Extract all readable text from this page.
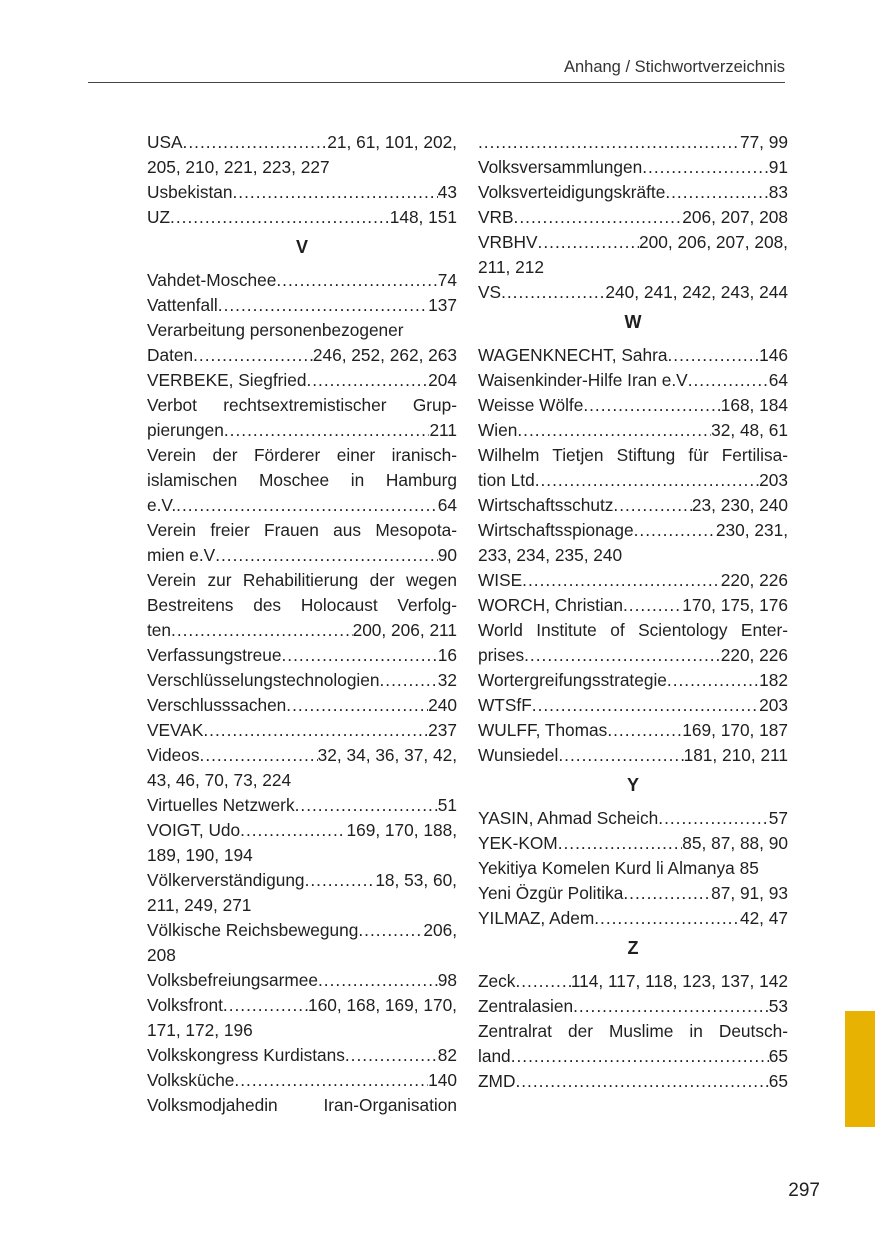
Anhang / Stichwortverzeichnis
USA .....	21, 61, 101, 202,
205, 210, 221, 223, 227
Usbekistan .....	43
UZ .....	148, 151
V
Vahdet-Moschee .....	74
Vattenfall .....	137
Verarbeitung personenbezogener
Daten .....	246, 252, 262, 263
VERBEKE, Siegfried .....	204
Verbot rechtsextremistischer Grup-
pierungen .....	211
Verein der Förderer einer iranisch-
islamischen Moschee in Hamburg
e.V. .....	64
Verein freier Frauen aus Mesopota-
mien e.V .....	90
Verein zur Rehabilitierung der wegen
Bestreitens des Holocaust Verfolg-
ten .....	200, 206, 211
Verfassungstreue .....	16
Verschlüsselungstechnologien .....	32
Verschlusssachen .....	240
VEVAK .....	237
Videos .....	32, 34, 36, 37, 42,
43, 46, 70, 73, 224
Virtuelles Netzwerk .....	51
VOIGT, Udo .....	169, 170, 188,
189, 190, 194
Völkerverständigung .....	18, 53, 60,
211, 249, 271
Völkische Reichsbewegung .....	206,
208
Volksbefreiungsarmee .....	98
Volksfront .....	160, 168, 169, 170,
171, 172, 196
Volkskongress Kurdistans .....	82
Volksküche .....	140
Volksmodjahedin Iran-Organisation
.....
77, 99
Volksversammlungen .....	91
Volksverteidigungskräfte .....	83
VRB .....	206, 207, 208
VRBHV .....	200, 206, 207, 208,
211, 212
VS .....	240, 241, 242, 243, 244
W
WAGENKNECHT, Sahra .....	146
Waisenkinder-Hilfe Iran e.V .....	64
Weisse Wölfe .....	168, 184
Wien .....	32, 48, 61
Wilhelm Tietjen Stiftung für Fertilisa-
tion Ltd .....	203
Wirtschaftsschutz .....	23, 230, 240
Wirtschaftsspionage .....	230, 231,
233, 234, 235, 240
WISE .....	220, 226
WORCH, Christian .....	170, 175, 176
World Institute of Scientology Enter-
prises .....	220, 226
Wortergreifungsstrategie .....	182
WTSfF .....	203
WULFF, Thomas .....	169, 170, 187
Wunsiedel .....	181, 210, 211
Y
YASIN, Ahmad Scheich .....	57
YEK-KOM .....	85, 87, 88, 90
Yekitiya Komelen Kurd li Almanya 85
Yeni Özgür Politika .....	87, 91, 93
YILMAZ, Adem .....	42, 47
Z
Zeck .....	114, 117, 118, 123, 137, 142
Zentralasien .....	53
Zentralrat der Muslime in Deutsch-
land .....	65
ZMD .....	65
297
